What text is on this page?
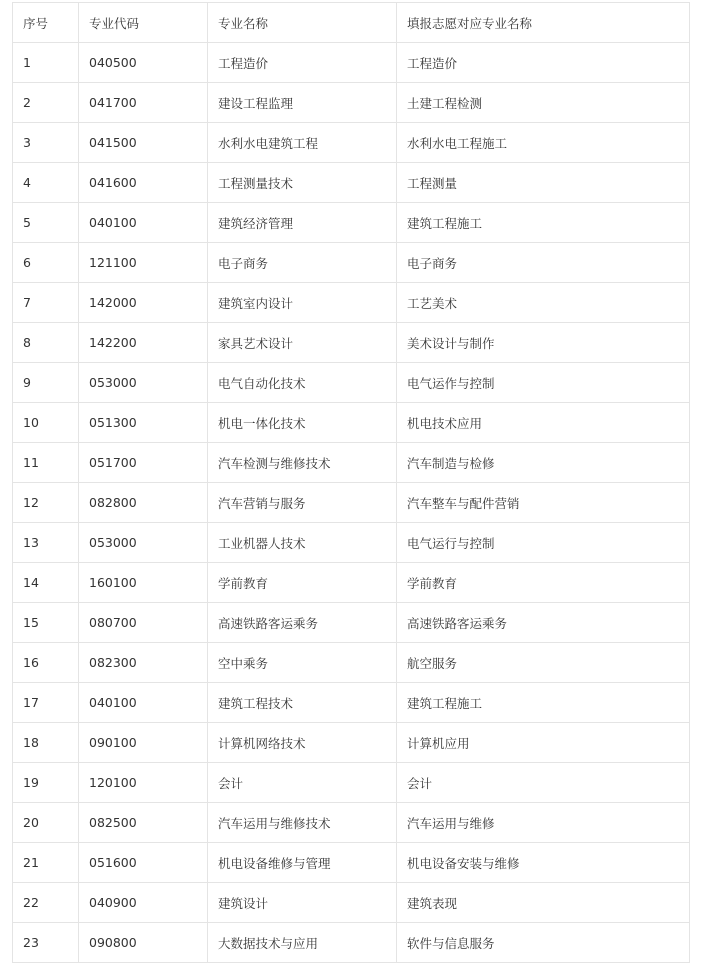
序号	专业代码	专业名称	填报志愿对应专业名称
1	040500	工程造价	工程造价
2	041700	建设工程监理	土建工程检测
3	041500	水利水电建筑工程	水利水电工程施工
4	041600	工程测量技术	工程测量
5	040100	建筑经济管理	建筑工程施工
6	121100	电子商务	电子商务
7	142000	建筑室内设计	工艺美术
8	142200	家具艺术设计	美术设计与制作
9	053000	电气自动化技术	电气运作与控制
10	051300	机电一体化技术	机电技术应用
11	051700	汽车检测与维修技术	汽车制造与检修
12	082800	汽车营销与服务	汽车整车与配件营销
13	053000	工业机器人技术	电气运行与控制
14	160100	学前教育	学前教育
15	080700	高速铁路客运乘务	高速铁路客运乘务
16	082300	空中乘务	航空服务
17	040100	建筑工程技术	建筑工程施工
18	090100	计算机网络技术	计算机应用
19	120100	会计	会计
20	082500	汽车运用与维修技术	汽车运用与维修
21	051600	机电设备维修与管理	机电设备安装与维修
22	040900	建筑设计	建筑表现
23	090800	大数据技术与应用	软件与信息服务
